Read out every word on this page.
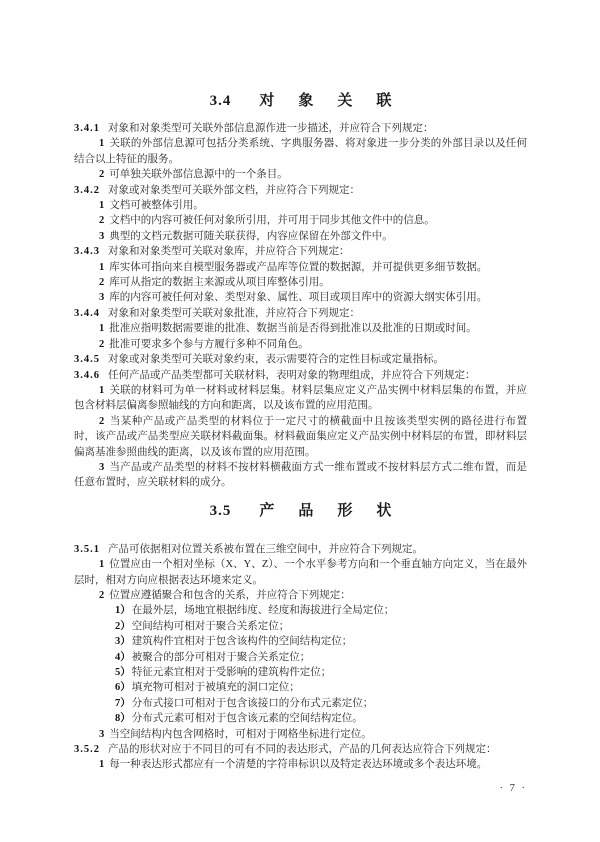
3.4 对象关联

3.4.1 对象和对象类型可关联外部信息源作进一步描述，并应符合下列规定：

1 关联的外部信息源可包括分类系统、字典服务器、将对象进一步分类的外部目录以及任何结合以上特征的服务。

2 可单独关联外部信息源中的一个条目。

3.4.2 对象或对象类型可关联外部文档，并应符合下列规定：

1 文档可被整体引用。

2 文档中的内容可被任何对象所引用，并可用于同步其他文件中的信息。

3 典型的文档元数据可随关联获得，内容应保留在外部文件中。

3.4.3 对象和对象类型可关联对象库，并应符合下列规定：

1 库实体可指向来自模型服务器或产品库等位置的数据源，并可提供更多细节数据。

2 库可从指定的数据主来源或从项目库整体引用。

3 库的内容可被任何对象、类型对象、属性、项目或项目库中的资源大纲实体引用。

3.4.4 对象和对象类型可关联对象批准，并应符合下列规定：

1 批准应指明数据需要谁的批准、数据当前是否得到批准以及批准的日期或时间。

2 批准可要求多个参与方履行多种不同角色。

3.4.5 对象或对象类型可关联对象约束，表示需要符合的定性目标或定量指标。

3.4.6 任何产品或产品类型都可关联材料，表明对象的物理组成，并应符合下列规定：

1 关联的材料可为单一材料或材料层集。材料层集应定义产品实例中材料层集的布置，并应包含材料层偏离参照轴线的方向和距离，以及该布置的应用范围。

2 当某种产品或产品类型的材料位于一定尺寸的横截面中且按该类型实例的路径进行布置时，该产品或产品类型应关联材料截面集。材料截面集应定义产品实例中材料层的布置，即材料层偏离基准参照曲线的距离，以及该布置的应用范围。

3 当产品或产品类型的材料不按材料横截面方式一维布置或不按材料层方式二维布置，而是任意布置时，应关联材料的成分。

3.5 产品形状

3.5.1 产品可依据相对位置关系被布置在三维空间中，并应符合下列规定。

1 位置应由一个相对坐标（X、Y、Z）、一个水平参考方向和一个垂直轴方向定义，当在最外层时，相对方向应根据表达环境来定义。

2 位置应遵循聚合和包含的关系，并应符合下列规定：

1）在最外层，场地宜根据纬度、经度和海拔进行全局定位；

2）空间结构可相对于聚合关系定位；

3）建筑构件宜相对于包含该构件的空间结构定位；

4）被聚合的部分可相对于聚合关系定位；

5）特征元素宜相对于受影响的建筑构件定位；

6）填充物可相对于被填充的洞口定位；

7）分布式接口可相对于包含该接口的分布式元素定位；

8）分布式元素可相对于包含该元素的空间结构定位。

3 当空间结构内包含网格时，可相对于网格坐标进行定位。

3.5.2 产品的形状对应于不同目的可有不同的表达形式，产品的几何表达应符合下列规定：

1 每一种表达形式都应有一个清楚的字符串标识以及特定表达环境或多个表达环境。

· 7 ·
